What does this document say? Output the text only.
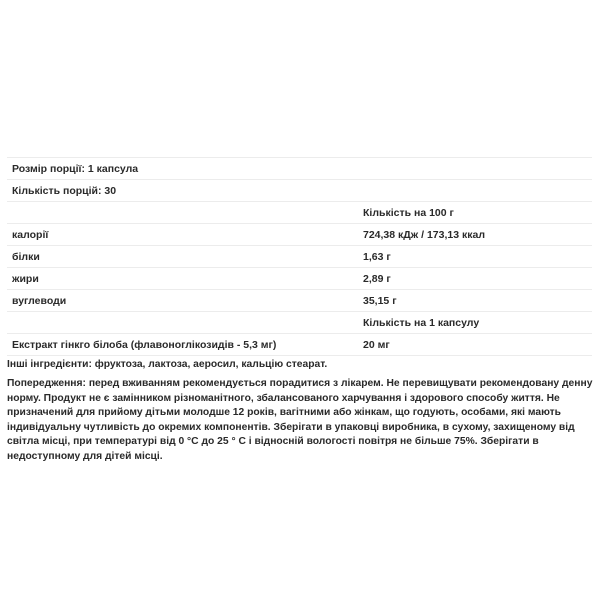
Розмір порції: 1 капсула
Кількість порцій: 30
Кількість на 100 г
калорії	724,38 кДж / 173,13 ккал
білки	1,63 г
жири	2,89 г
вуглеводи	35,15 г
Кількість на 1 капсулу
Екстракт гінкго білоба (флавоноглікозидів - 5,3 мг)	20 мг

Інші інгредієнти: фруктоза, лактоза, аеросил, кальцію стеарат.

Попередження: перед вживанням рекомендується порадитися з лікарем. Не перевищувати рекомендовану денну норму. Продукт не є замінником різноманітного, збалансованого харчування і здорового способу життя. Не призначений для прийому дітьми молодше 12 років, вагітними або жінкам, що годують, особами, які мають індивідуальну чутливість до окремих компонентів. Зберігати в упаковці виробника, в сухому, захищеному від світла місці, при температурі від 0 °C до 25 ° C і відносній вологості повітря не більше 75%. Зберігати в недоступному для дітей місці.
